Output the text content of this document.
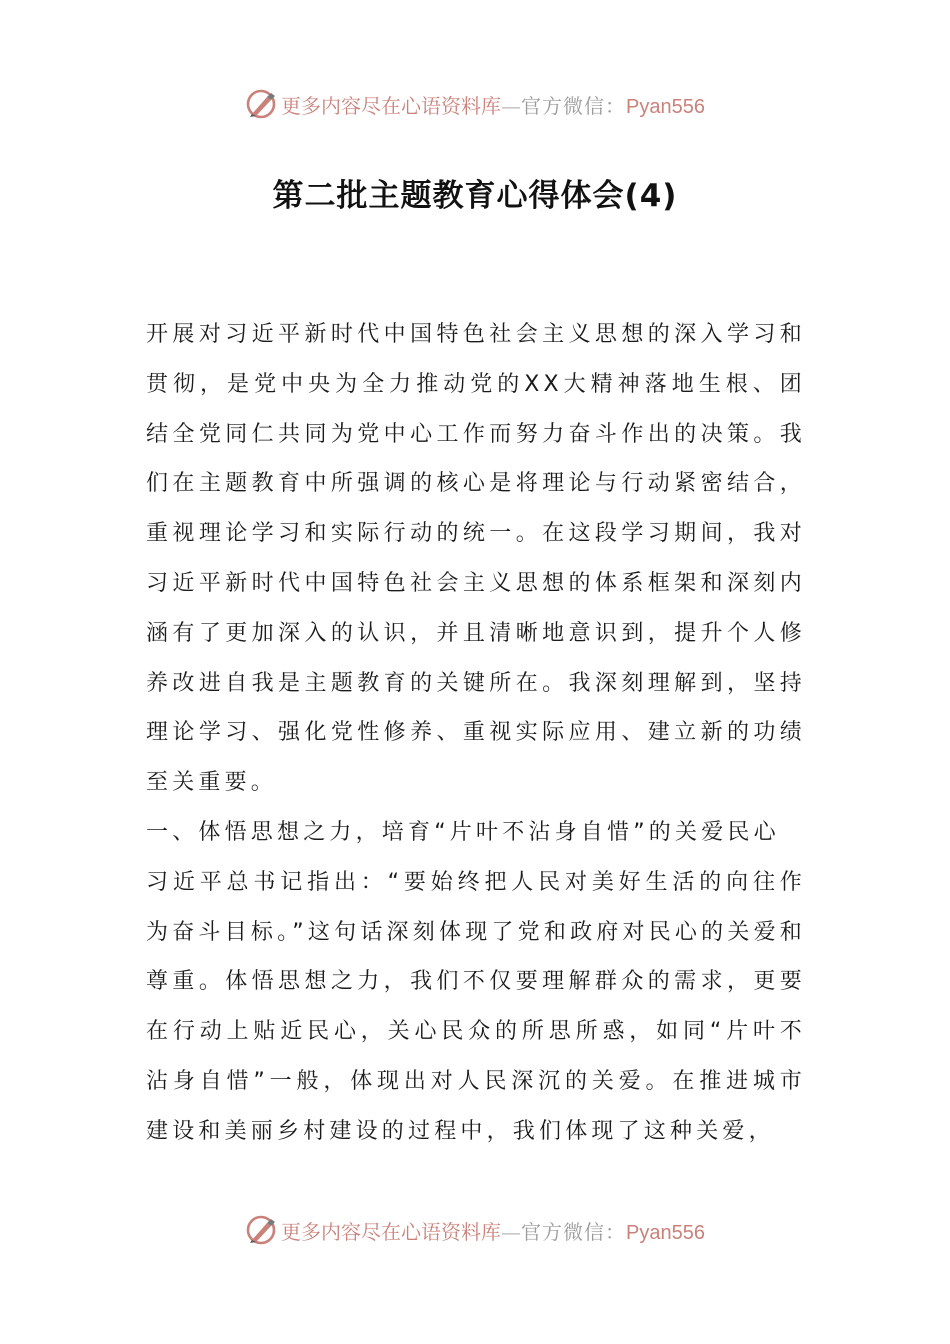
更多内容尽在心语资料库—官方微信：Pyan556
第二批主题教育心得体会(4)

开展对习近平新时代中国特色社会主义思想的深入学习和贯彻，是党中央为全力推动党的XX大精神落地生根、团结全党同仁共同为党中心工作而努力奋斗作出的决策。我们在主题教育中所强调的核心是将理论与行动紧密结合，重视理论学习和实际行动的统一。在这段学习期间，我对习近平新时代中国特色社会主义思想的体系框架和深刻内涵有了更加深入的认识，并且清晰地意识到，提升个人修养改进自我是主题教育的关键所在。我深刻理解到，坚持理论学习、强化党性修养、重视实际应用、建立新的功绩至关重要。

一、体悟思想之力，培育“片叶不沾身自惜”的关爱民心

习近平总书记指出：“要始终把人民对美好生活的向往作为奋斗目标。”这句话深刻体现了党和政府对民心的关爱和尊重。体悟思想之力，我们不仅要理解群众的需求，更要在行动上贴近民心，关心民众的所思所惑，如同“片叶不沾身自惜”一般，体现出对人民深沉的关爱。在推进城市建设和美丽乡村建设的过程中，我们体现了这种关爱，

更多内容尽在心语资料库—官方微信：Pyan556
